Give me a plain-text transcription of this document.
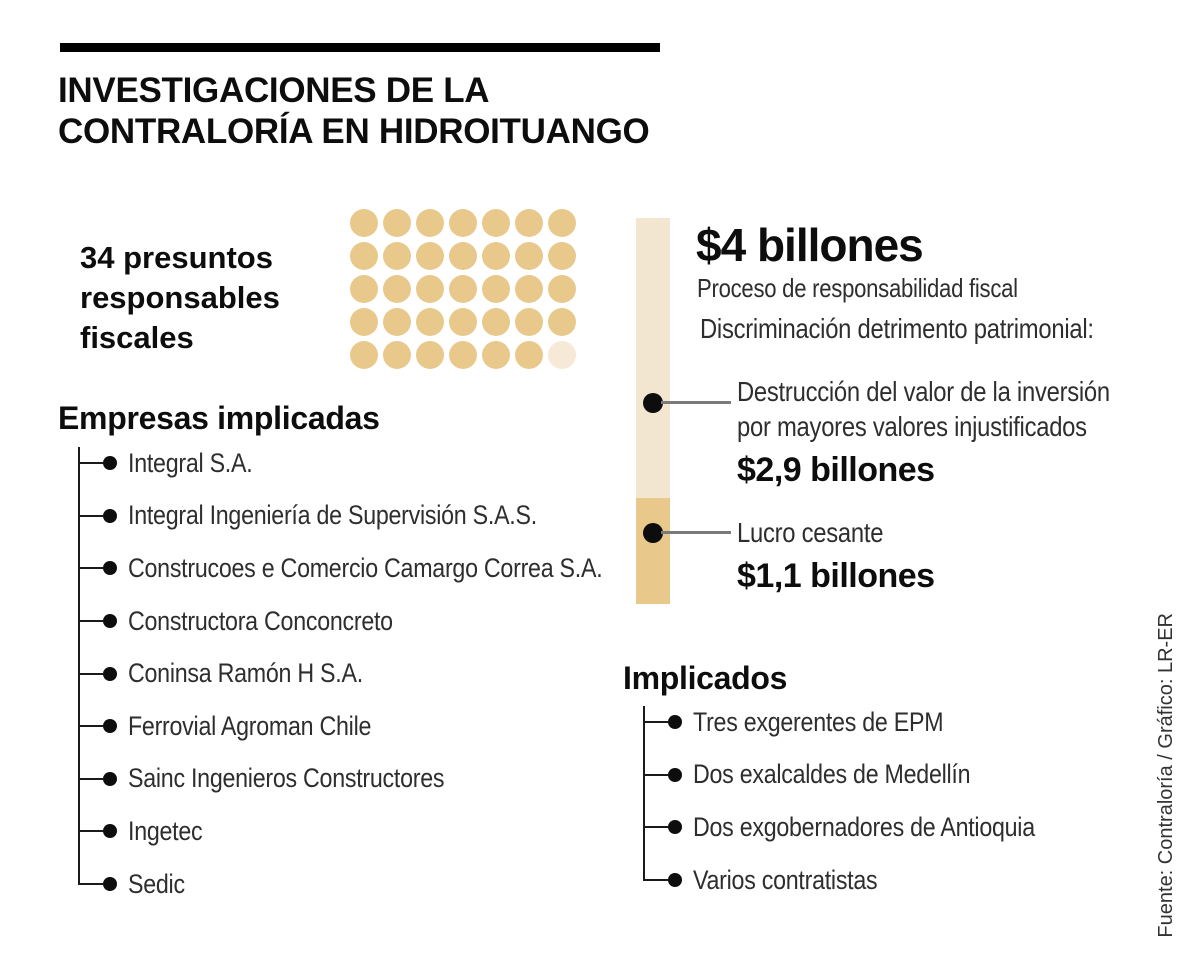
INVESTIGACIONES DE LA
CONTRALORÍA EN HIDROITUANGO
34 presuntos responsables fiscales
Empresas implicadas
Integral S.A.
Integral Ingeniería de Supervisión S.A.S.
Construcoes e Comercio Camargo Correa S.A.
Constructora Conconcreto
Coninsa Ramón H S.A.
Ferrovial Agroman Chile
Sainc Ingenieros Constructores
Ingetec
Sedic
$4 billones
Proceso de responsabilidad fiscal
Discriminación detrimento patrimonial:
Destrucción del valor de la inversión
por mayores valores injustificados
$2,9 billones
Lucro cesante
$1,1 billones
Implicados
Tres exgerentes de EPM
Dos exalcaldes de Medellín
Dos exgobernadores de Antioquia
Varios contratistas	Fuente: Contraloría / Gráfico: LR-ER
